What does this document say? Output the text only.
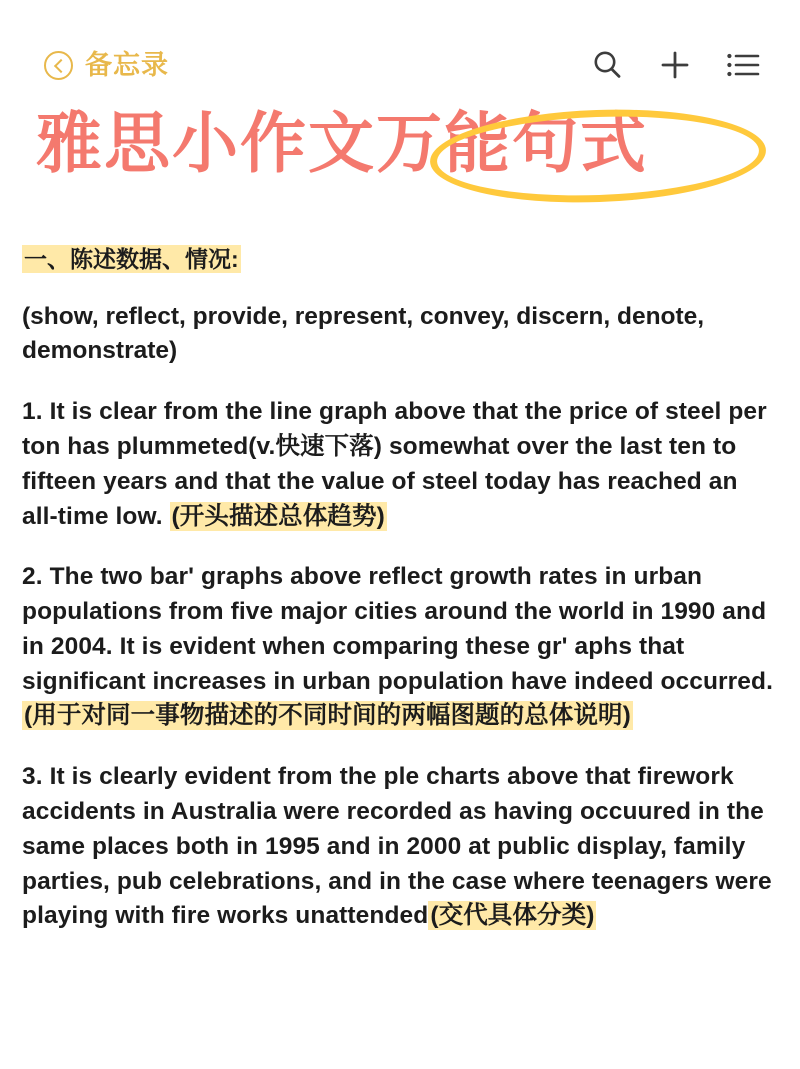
备忘录
雅思小作文万能句式

一、陈述数据、情况:

(show, reflect, provide, represent, convey, discern, denote, demonstrate)

1. It is clear from the line graph above that the price of steel per ton has plummeted(v.快速下落) somewhat over the last ten to fifteen years and that the value of steel today has reached an all-time low. (开头描述总体趋势)

2. The two bar' graphs above reflect growth rates in urban populations from five major cities around the world in 1990 and in 2004. It is evident when comparing these gr' aphs that significant increases in urban population have indeed occurred.(用于对同一事物描述的不同时间的两幅图题的总体说明)

3. It is clearly evident from the ple charts above that firework accidents in Australia were recorded as having occuured in the same places both in 1995 and in 2000 at public display, family parties, pub celebrations, and in the case where teenagers were playing with fire works unattended(交代具体分类)
